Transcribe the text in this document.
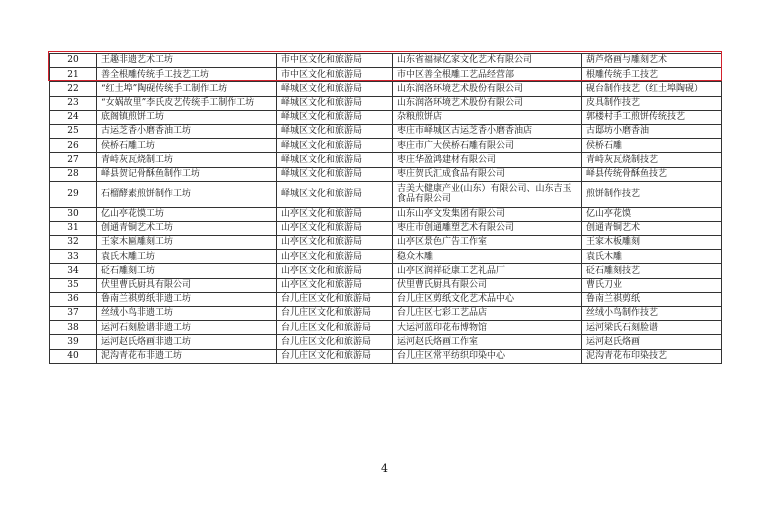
20	王趣非遗艺术工坊	市中区文化和旅游局	山东省福禄亿家文化艺术有限公司	葫芦烙画与雕刻艺术
21	善全根雕传统手工技艺工坊	市中区文化和旅游局	市中区善全根雕工艺品经营部	根雕传统手工技艺
22	“红土埠”陶砚传统手工制作工坊	峄城区文化和旅游局	山东润洛环境艺术股份有限公司	砚台制作技艺（红土埠陶砚）
23	“女娲故里”李氏皮艺传统手工制作工坊	峄城区文化和旅游局	山东润洛环境艺术股份有限公司	皮具制作技艺
24	底阁镇煎饼工坊	峄城区文化和旅游局	杂粮煎饼店	郭楼村手工煎饼传统技艺
25	古运芝香小磨香油工坊	峄城区文化和旅游局	枣庄市峄城区古运芝香小磨香油店	古邸坊小磨香油
26	侯桥石雕工坊	峄城区文化和旅游局	枣庄市广大侯桥石雕有限公司	侯桥石雕
27	青峙灰瓦烧制工坊	峄城区文化和旅游局	枣庄华盈鸿建材有限公司	青峙灰瓦烧制技艺
28	峄县贺记骨酥鱼制作工坊	峄城区文化和旅游局	枣庄贺氏汇成食品有限公司	峄县传统骨酥鱼技艺
29	石榴酵素煎饼制作工坊	峄城区文化和旅游局	吉美大健康产业(山东）有限公司、山东吉玉食品有限公司	煎饼制作技艺
30	亿山亭花馍工坊	山亭区文化和旅游局	山东山亭文发集团有限公司	亿山亭花馍
31	创通青铜艺术工坊	山亭区文化和旅游局	枣庄市创通雕塑艺术有限公司	创通青铜艺术
32	王家木匾雕刻工坊	山亭区文化和旅游局	山亭区景色广告工作室	王家木板雕刻
33	袁氏木雕工坊	山亭区文化和旅游局	稳众木雕	袁氏木雕
34	砭石雕刻工坊	山亭区文化和旅游局	山亭区润祥砭康工艺礼品厂	砭石雕刻技艺
35	伏里曹氏厨具有限公司	山亭区文化和旅游局	伏里曹氏厨具有限公司	曹氏刀业
36	鲁南兰祺剪纸非遗工坊	台儿庄区文化和旅游局	台儿庄区剪纸文化艺术品中心	鲁南兰祺剪纸
37	丝绒小鸟非遗工坊	台儿庄区文化和旅游局	台儿庄区七彩工艺品店	丝绒小鸟制作技艺
38	运河石刻脸谱非遗工坊	台儿庄区文化和旅游局	大运河蓝印花布博物馆	运河梁氏石刻脸谱
39	运河赵氏烙画非遗工坊	台儿庄区文化和旅游局	运河赵氏烙画工作室	运河赵氏烙画
40	泥沟青花布非遗工坊	台儿庄区文化和旅游局	台儿庄区常平纺织印染中心	泥沟青花布印染技艺
4
